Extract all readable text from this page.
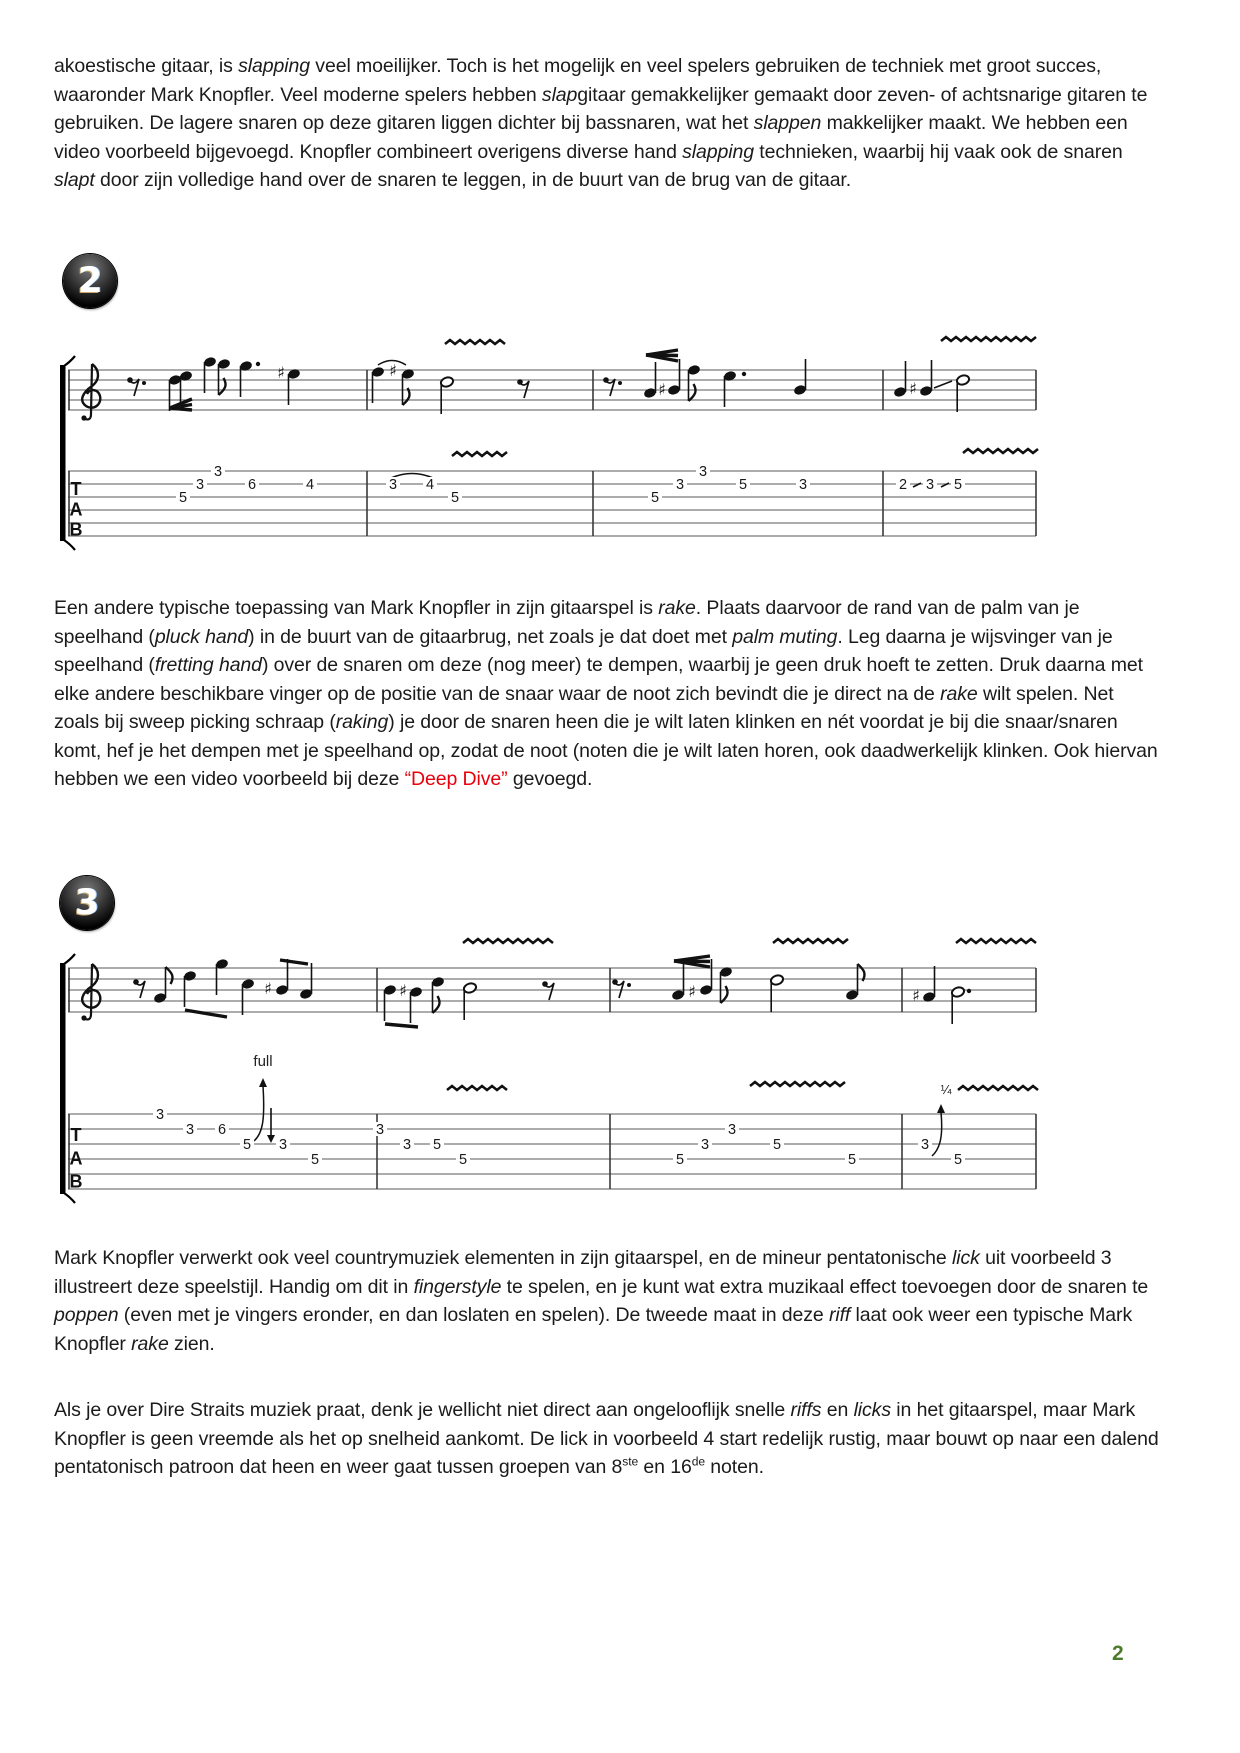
akoestische gitaar, is slapping veel moeilijker. Toch is het mogelijk en veel spelers gebruiken de techniek met groot succes, waaronder Mark Knopfler. Veel moderne spelers hebben slapgitaar gemakkelijker gemaakt door zeven- of achtsnarige gitaren te gebruiken. De lagere snaren op deze gitaren liggen dichter bij bassnaren, wat het slappen makkelijker maakt. We hebben een video voorbeeld bijgevoegd. Knopfler combineert overigens diverse hand slapping technieken, waarbij hij vaak ook de snaren slapt door zijn volledige hand over de snaren te leggen, in de buurt van de brug van de gitaar.
2
T
A
B
♯	♯
♯	♯
5
3
3
6	4	3 4
5	5
3
3
5	3	2 3 5
Een andere typische toepassing van Mark Knopfler in zijn gitaarspel is rake. Plaats daarvoor de rand van de palm van je speelhand (pluck hand) in de buurt van de gitaarbrug, net zoals je dat doet met palm muting. Leg daarna je wijsvinger van je speelhand (fretting hand) over de snaren om deze (nog meer) te dempen, waarbij je geen druk hoeft te zetten. Druk daarna met elke andere beschikbare vinger op de positie van de snaar waar de noot zich bevindt die je direct na de rake wilt spelen. Net zoals bij sweep picking schraap (raking) je door de snaren heen die je wilt laten klinken en nét voordat je bij die snaar/snaren komt, hef je het dempen met je speelhand op, zodat de noot (noten die je wilt laten horen, ook daadwerkelijk klinken. Ook hiervan hebben we een video voorbeeld bij deze “Deep Dive” gevoegd.
3
T
A
B
♯	♯	♯	♯
full
¼
3
3 6
5 3
5
3
3 5
5	5
3
3
5
5
3
5
Mark Knopfler verwerkt ook veel countrymuziek elementen in zijn gitaarspel, en de mineur pentatonische lick uit voorbeeld 3 illustreert deze speelstijl. Handig om dit in fingerstyle te spelen, en je kunt wat extra muzikaal effect toevoegen door de snaren te poppen (even met je vingers eronder, en dan loslaten en spelen). De tweede maat in deze riff laat ook weer een typische Mark Knopfler rake zien.
Als je over Dire Straits muziek praat, denk je wellicht niet direct aan ongelooflijk snelle riffs en licks in het gitaarspel, maar Mark Knopfler is geen vreemde als het op snelheid aankomt. De lick in voorbeeld 4 start redelijk rustig, maar bouwt op naar een dalend pentatonisch patroon dat heen en weer gaat tussen groepen van 8ste en 16de noten.
2
